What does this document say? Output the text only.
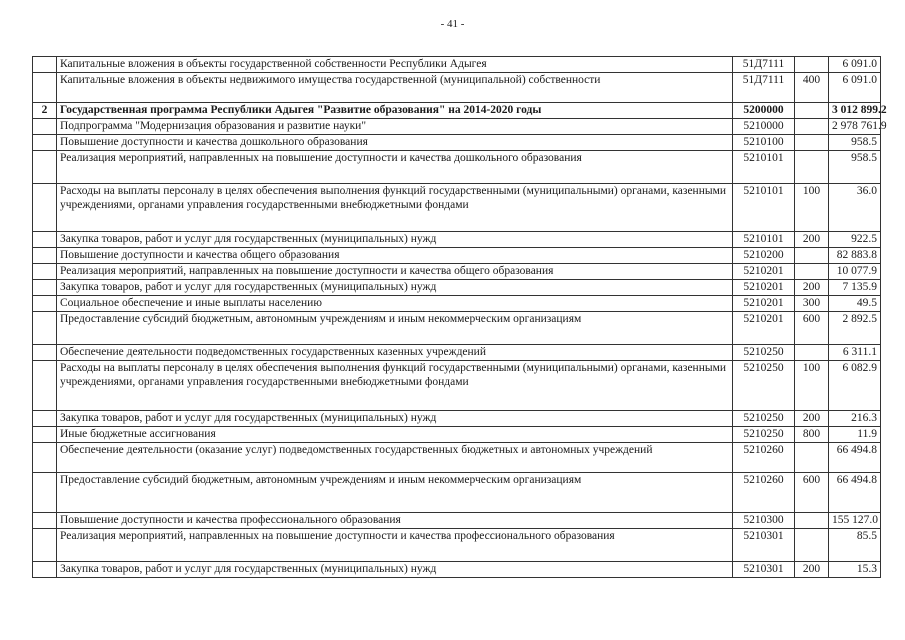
- 41 -
	Капитальные вложения в объекты государственной собственности Республики Адыгея	51Д7111		6 091.0
	Капитальные вложения в объекты недвижимого имущества государственной (муниципальной) собственности	51Д7111	400	6 091.0
2	Государственная программа Республики Адыгея "Развитие образования" на 2014-2020 годы	5200000		3 012 899.2
	Подпрограмма "Модернизация образования и развитие науки"	5210000		2 978 761.9
	Повышение доступности и качества дошкольного образования	5210100		958.5
	Реализация мероприятий, направленных на повышение доступности и качества дошкольного образования	5210101		958.5
	Расходы на выплаты персоналу в целях обеспечения выполнения функций государственными (муниципальными) органами, казенными учреждениями, органами управления государственными внебюджетными фондами	5210101	100	36.0
	Закупка товаров, работ и услуг для государственных (муниципальных) нужд	5210101	200	922.5
	Повышение доступности и качества общего образования	5210200		82 883.8
	Реализация мероприятий, направленных на повышение доступности и качества общего образования	5210201		10 077.9
	Закупка товаров, работ и услуг для государственных (муниципальных) нужд	5210201	200	7 135.9
	Социальное обеспечение и иные выплаты населению	5210201	300	49.5
	Предоставление субсидий бюджетным, автономным учреждениям и иным некоммерческим организациям	5210201	600	2 892.5
	Обеспечение деятельности подведомственных государственных казенных учреждений	5210250		6 311.1
	Расходы на выплаты персоналу в целях обеспечения выполнения функций государственными (муниципальными) органами, казенными учреждениями, органами управления государственными внебюджетными фондами	5210250	100	6 082.9
	Закупка товаров, работ и услуг для государственных (муниципальных) нужд	5210250	200	216.3
	Иные бюджетные ассигнования	5210250	800	11.9
	Обеспечение деятельности (оказание услуг) подведомственных государственных бюджетных и автономных учреждений	5210260		66 494.8
	Предоставление субсидий бюджетным, автономным учреждениям и иным некоммерческим организациям	5210260	600	66 494.8
	Повышение доступности и качества профессионального образования	5210300		155 127.0
	Реализация мероприятий, направленных на повышение доступности и качества профессионального образования	5210301		85.5
	Закупка товаров, работ и услуг для государственных (муниципальных) нужд	5210301	200	15.3
